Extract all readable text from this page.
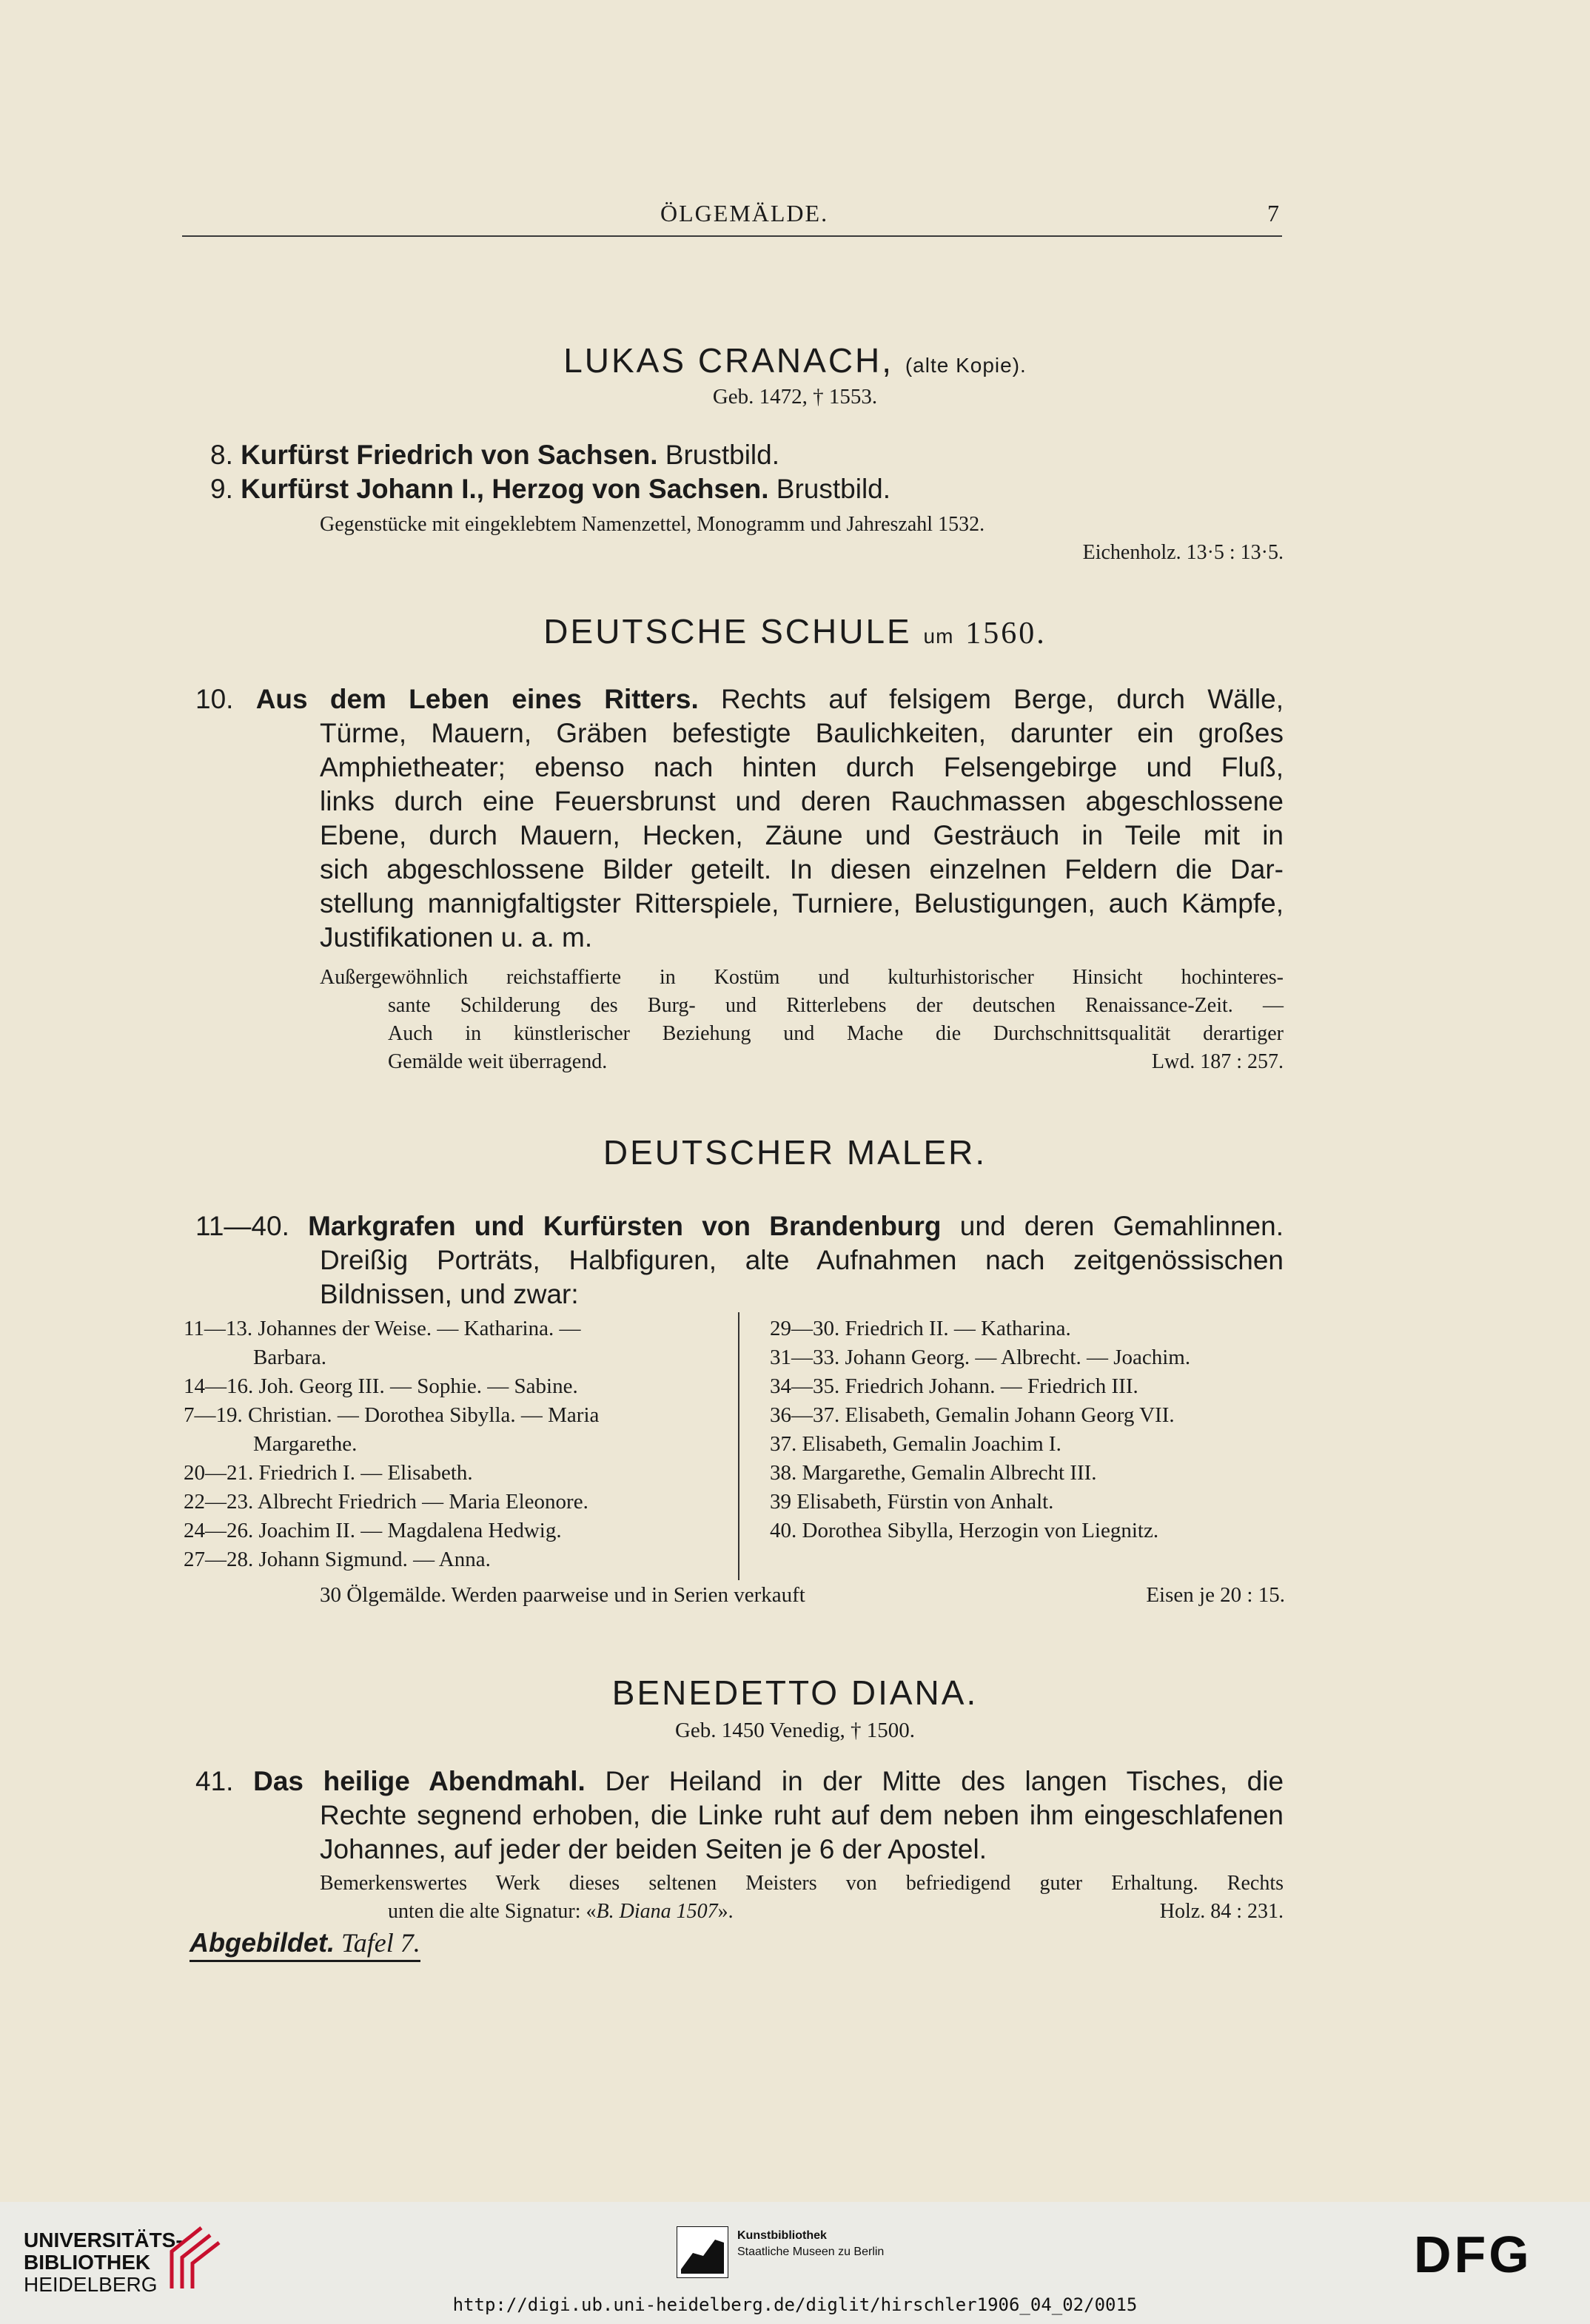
ÖLGEMÄLDE.	7
LUKAS CRANACH, (alte Kopie).
Geb. 1472, † 1553.
8. Kurfürst Friedrich von Sachsen. Brustbild.
9. Kurfürst Johann I., Herzog von Sachsen. Brustbild.
Gegenstücke mit eingeklebtem Namenzettel, Monogramm und Jahreszahl 1532.
Eichenholz. 13·5 : 13·5.
DEUTSCHE SCHULE um 1560.
10. Aus dem Leben eines Ritters. Rechts auf felsigem Berge, durch Wälle,
Türme, Mauern, Gräben befestigte Baulichkeiten, darunter ein großes
Amphietheater; ebenso nach hinten durch Felsengebirge und Fluß,
links durch eine Feuersbrunst und deren Rauchmassen abgeschlossene
Ebene, durch Mauern, Hecken, Zäune und Gesträuch in Teile mit in
sich abgeschlossene Bilder geteilt. In diesen einzelnen Feldern die Dar-
stellung mannigfaltigster Ritterspiele, Turniere, Belustigungen, auch Kämpfe,
Justifikationen u. a. m.
Außergewöhnlich reichstaffierte in Kostüm und kulturhistorischer Hinsicht hochinteres-
sante Schilderung des Burg- und Ritterlebens der deutschen Renaissance-Zeit. —
Auch in künstlerischer Beziehung und Mache die Durchschnittsqualität derartiger
Gemälde weit überragend.	Lwd. 187 : 257.
DEUTSCHER MALER.
11—40. Markgrafen und Kurfürsten von Brandenburg und deren Gemahlinnen.
Dreißig Porträts, Halbfiguren, alte Aufnahmen nach zeitgenössischen
Bildnissen, und zwar:
11—13. Johannes der Weise. — Katharina. —
Barbara.
14—16. Joh. Georg III. — Sophie. — Sabine.
7—19. Christian. — Dorothea Sibylla. — Maria
Margarethe.
20—21. Friedrich I. — Elisabeth.
22—23. Albrecht Friedrich — Maria Eleonore.
24—26. Joachim II. — Magdalena Hedwig.
27—28. Johann Sigmund. — Anna.
29—30. Friedrich II. — Katharina.
31—33. Johann Georg. — Albrecht. — Joachim.
34—35. Friedrich Johann. — Friedrich III.
36—37. Elisabeth, Gemalin Johann Georg VII.
37. Elisabeth, Gemalin Joachim I.
38. Margarethe, Gemalin Albrecht III.
39 Elisabeth, Fürstin von Anhalt.
40. Dorothea Sibylla, Herzogin von Liegnitz.
30 Ölgemälde. Werden paarweise und in Serien verkauft	Eisen je 20 : 15.
BENEDETTO DIANA.
Geb. 1450 Venedig, † 1500.
41. Das heilige Abendmahl. Der Heiland in der Mitte des langen Tisches, die
Rechte segnend erhoben, die Linke ruht auf dem neben ihm eingeschlafenen
Johannes, auf jeder der beiden Seiten je 6 der Apostel.
Bemerkenswertes Werk dieses seltenen Meisters von befriedigend guter Erhaltung. Rechts
unten die alte Signatur: «B. Diana 1507».	Holz. 84 : 231.
Abgebildet. Tafel 7.
UNIVERSITÄTS-
BIBLIOTHEK
HEIDELBERG
Kunstbibliothek
Staatliche Museen zu Berlin	DFG
http://digi.ub.uni-heidelberg.de/diglit/hirschler1906_04_02/0015
